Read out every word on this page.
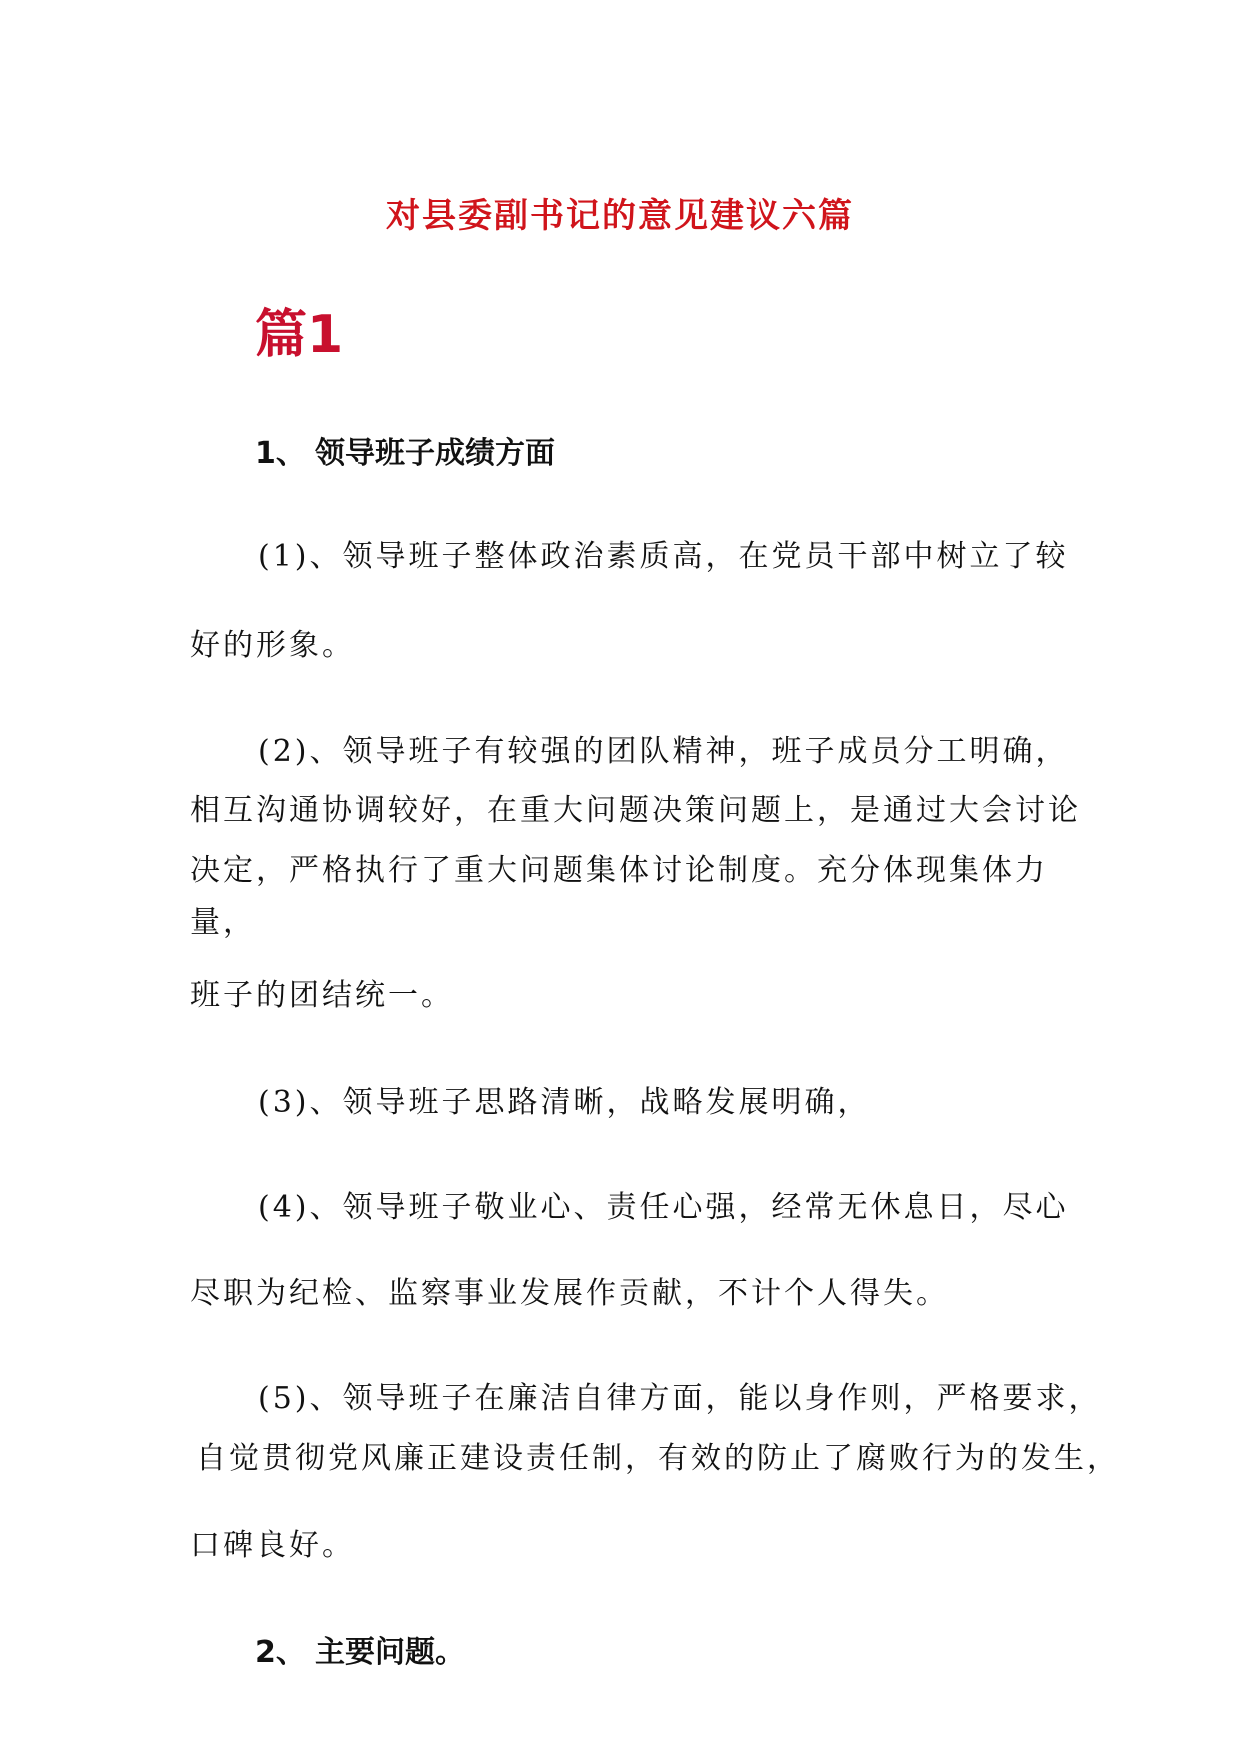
对县委副书记的意见建议六篇
篇1
1、 领导班子成绩方面

(1)、领导班子整体政治素质高，在党员干部中树立了较

好的形象。

(2)、领导班子有较强的团队精神，班子成员分工明确，

相互沟通协调较好，在重大问题决策问题上，是通过大会讨论

决定，严格执行了重大问题集体讨论制度。充分体现集体力

量，

班子的团结统一。

(3)、领导班子思路清晰，战略发展明确，

(4)、领导班子敬业心、责任心强，经常无休息日，尽心

尽职为纪检、监察事业发展作贡献，不计个人得失。

(5)、领导班子在廉洁自律方面，能以身作则，严格要求，

自觉贯彻党风廉正建设责任制，有效的防止了腐败行为的发生，

口碑良好。

2、 主要问题。
